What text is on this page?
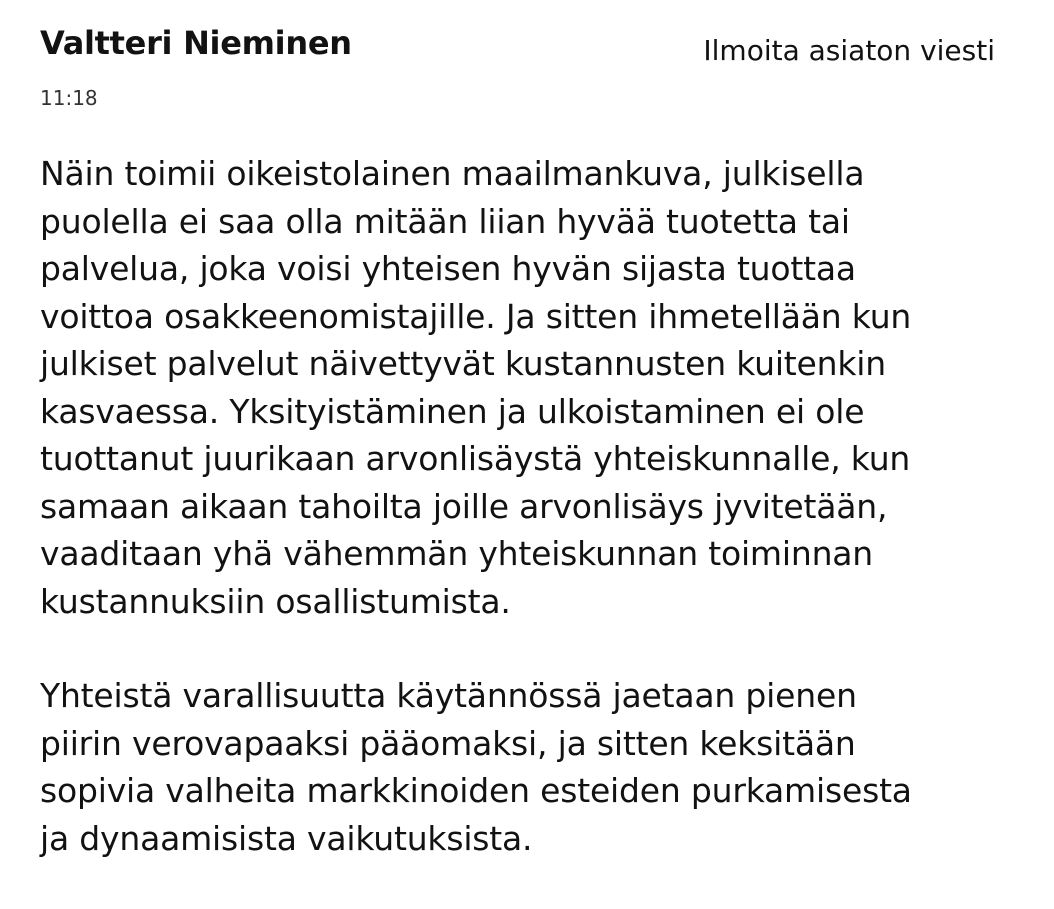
Valtteri Nieminen
11:18
Ilmoita asiaton viesti

Näin toimii oikeistolainen maailmankuva, julkisella
puolella ei saa olla mitään liian hyvää tuotetta tai
palvelua, joka voisi yhteisen hyvän sijasta tuottaa
voittoa osakkeenomistajille. Ja sitten ihmetellään kun
julkiset palvelut näivettyvät kustannusten kuitenkin
kasvaessa. Yksityistäminen ja ulkoistaminen ei ole
tuottanut juurikaan arvonlisäystä yhteiskunnalle, kun
samaan aikaan tahoilta joille arvonlisäys jyvitetään,
vaaditaan yhä vähemmän yhteiskunnan toiminnan
kustannuksiin osallistumista.

Yhteistä varallisuutta käytännössä jaetaan pienen
piirin verovapaaksi pääomaksi, ja sitten keksitään
sopivia valheita markkinoiden esteiden purkamisesta
ja dynaamisista vaikutuksista.
